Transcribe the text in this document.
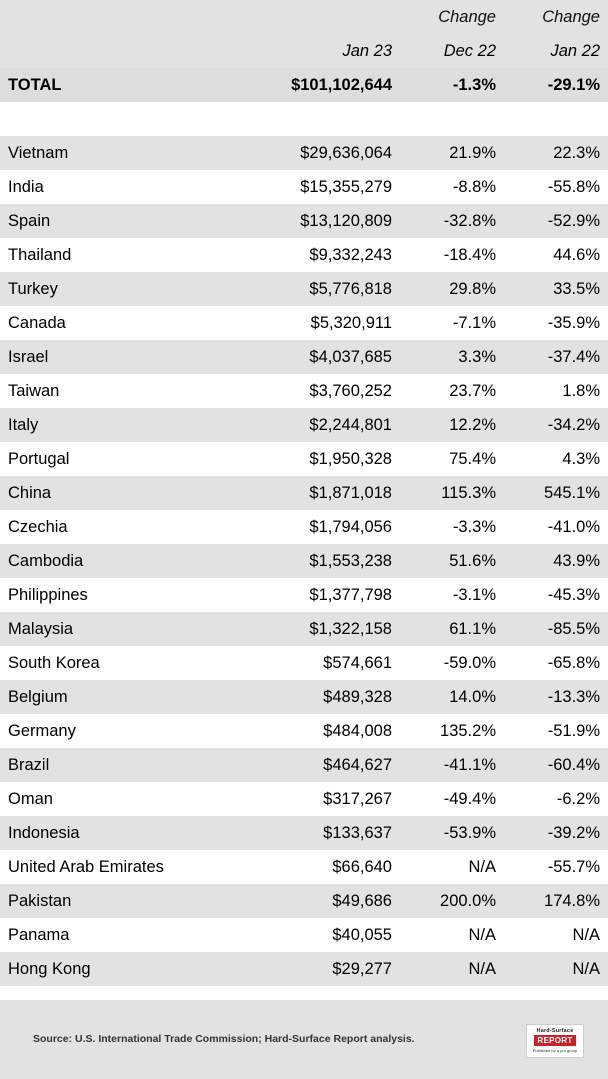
		Change	Change
	Jan 23	Dec 22	Jan 22
TOTAL	$101,102,644	-1.3%	-29.1%

Vietnam	$29,636,064	21.9%	22.3%
India	$15,355,279	-8.8%	-55.8%
Spain	$13,120,809	-32.8%	-52.9%
Thailand	$9,332,243	-18.4%	44.6%
Turkey	$5,776,818	29.8%	33.5%
Canada	$5,320,911	-7.1%	-35.9%
Israel	$4,037,685	3.3%	-37.4%
Taiwan	$3,760,252	23.7%	1.8%
Italy	$2,244,801	12.2%	-34.2%
Portugal	$1,950,328	75.4%	4.3%
China	$1,871,018	115.3%	545.1%
Czechia	$1,794,056	-3.3%	-41.0%
Cambodia	$1,553,238	51.6%	43.9%
Philippines	$1,377,798	-3.1%	-45.3%
Malaysia	$1,322,158	61.1%	-85.5%
South Korea	$574,661	-59.0%	-65.8%
Belgium	$489,328	14.0%	-13.3%
Germany	$484,008	135.2%	-51.9%
Brazil	$464,627	-41.1%	-60.4%
Oman	$317,267	-49.4%	-6.2%
Indonesia	$133,637	-53.9%	-39.2%
United Arab Emirates	$66,640	N/A	-55.7%
Pakistan	$49,686	200.0%	174.8%
Panama	$40,055	N/A	N/A
Hong Kong	$29,277	N/A	N/A
Source: U.S. International Trade Commission; Hard-Surface Report analysis.
Hard-Surface
REPORT
Published by a pro group
